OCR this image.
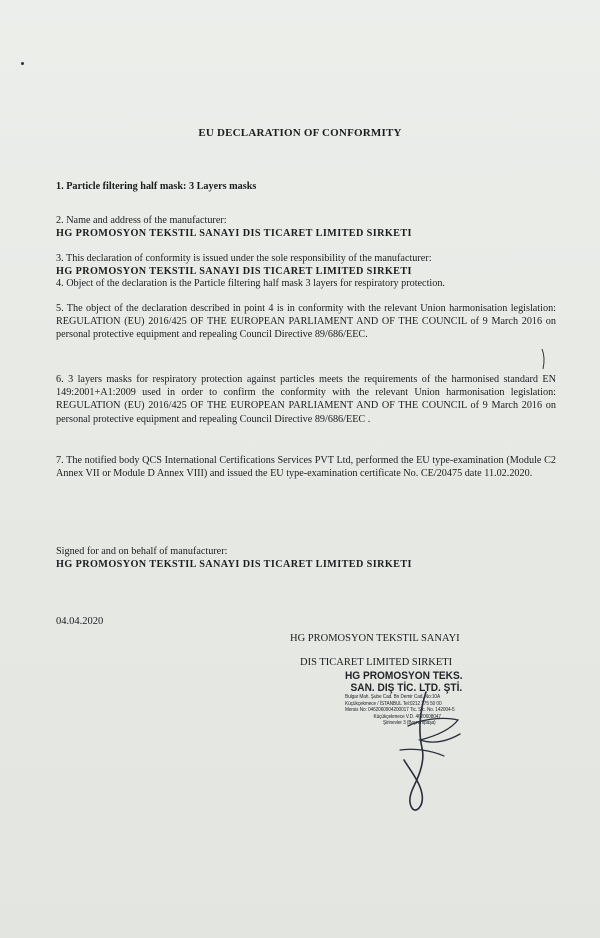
EU DECLARATION OF CONFORMITY
1. Particle filtering half mask: 3 Layers masks

2. Name and address of the manufacturer:
HG PROMOSYON TEKSTIL SANAYI DIS TICARET LIMITED SIRKETI

3. This declaration of conformity is issued under the sole responsibility of the manufacturer:
HG PROMOSYON TEKSTIL SANAYI DIS TICARET LIMITED SIRKETI

4. Object of the declaration is the Particle filtering half mask 3 layers for respiratory protection.
5. The object of the declaration described in point 4 is in conformity with the relevant Union harmonisation legislation: REGULATION (EU) 2016/425 OF THE EUROPEAN PARLIAMENT AND OF THE COUNCIL of 9 March 2016 on personal protective equipment and repealing Council Directive 89/686/EEC.
6. 3 layers masks for respiratory protection against particles meets the requirements of the harmonised standard EN 149:2001+A1:2009 used in order to confirm the conformity with the relevant Union harmonisation legislation: REGULATION (EU) 2016/425 OF THE EUROPEAN PARLIAMENT AND OF THE COUNCIL of 9 March 2016 on personal protective equipment and repealing Council Directive 89/686/EEC .
7. The notified body QCS International Certifications Services PVT Ltd, performed the EU type-examination (Module C2 Annex VII or Module D Annex VIII) and issued the EU type-examination certificate No. CE/20475 date 11.02.2020.

Signed for and on behalf of manufacturer:
HG PROMOSYON TEKSTIL SANAYI DIS TICARET LIMITED SIRKETI

04.04.2020
HG PROMOSYON TEKSTIL SANAYI
DIS TICARET LIMITED SIRKETI
HG PROMOSYON TEKS.
SAN. DIŞ TİC. LTD. ŞTİ.
Bulgar Mah. Şube Cad. Bn Demir Cad. No:10A
Küçükçekmece / İSTANBUL Tel:0212 275 50 00
Mersis No: 0462060904200017 Tic. Sic. No. 142004-5
Küçükçekmece V.D. 4620608047
Şirinevler 3 (Bayrampaşa)
